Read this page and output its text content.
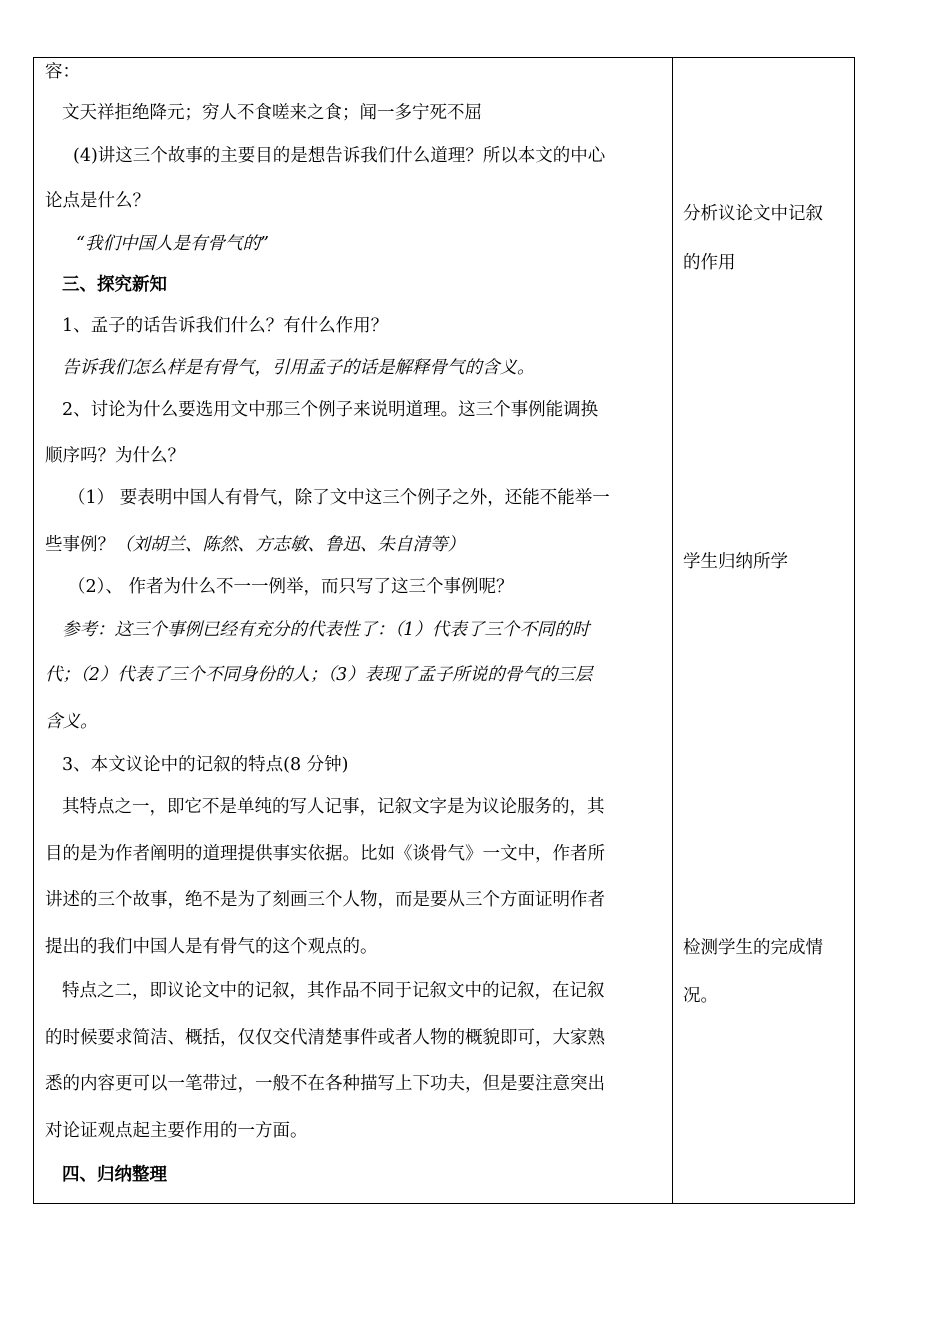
容：
文天祥拒绝降元；穷人不食嗟来之食；闻一多宁死不屈
(4)讲这三个故事的主要目的是想告诉我们什么道理？所以本文的中心
论点是什么？
“我们中国人是有骨气的”
三、探究新知
1、孟子的话告诉我们什么？有什么作用？
告诉我们怎么样是有骨气，引用孟子的话是解释骨气的含义。
2、讨论为什么要选用文中那三个例子来说明道理。这三个事例能调换
顺序吗？为什么？
（1） 要表明中国人有骨气，除了文中这三个例子之外，还能不能举一
些事例？（刘胡兰、陈然、方志敏、鲁迅、朱自清等）
（2）、 作者为什么不一一例举，而只写了这三个事例呢？
参考：这三个事例已经有充分的代表性了：（1）代表了三个不同的时
代；（2）代表了三个不同身份的人；（3）表现了孟子所说的骨气的三层
含义。
3、本文议论中的记叙的特点(8 分钟)
其特点之一，即它不是单纯的写人记事，记叙文字是为议论服务的，其
目的是为作者阐明的道理提供事实依据。比如《谈骨气》一文中，作者所
讲述的三个故事，绝不是为了刻画三个人物，而是要从三个方面证明作者
提出的我们中国人是有骨气的这个观点的。
特点之二，即议论文中的记叙，其作品不同于记叙文中的记叙，在记叙
的时候要求简洁、概括，仅仅交代清楚事件或者人物的概貌即可，大家熟
悉的内容更可以一笔带过，一般不在各种描写上下功夫，但是要注意突出
对论证观点起主要作用的一方面。
四、归纳整理
分析议论文中记叙
的作用
学生归纳所学
检测学生的完成情
况。
